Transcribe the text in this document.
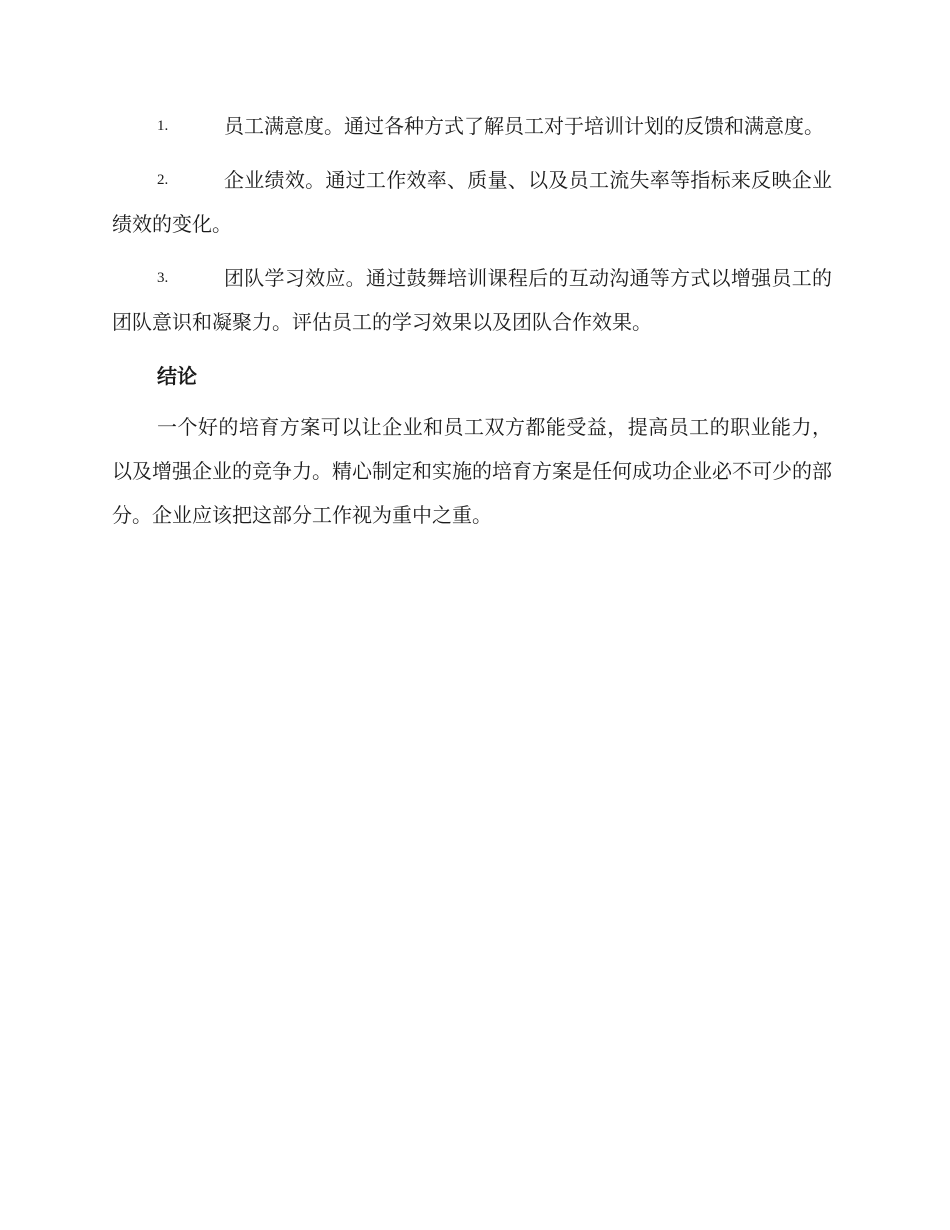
1.	员工满意度。通过各种方式了解员工对于培训计划的反馈和满意度。
2.	企业绩效。通过工作效率、质量、以及员工流失率等指标来反映企业绩效的变化。
3.	团队学习效应。通过鼓舞培训课程后的互动沟通等方式以增强员工的团队意识和凝聚力。评估员工的学习效果以及团队合作效果。
结论

一个好的培育方案可以让企业和员工双方都能受益，提高员工的职业能力，以及增强企业的竞争力。精心制定和实施的培育方案是任何成功企业必不可少的部分。企业应该把这部分工作视为重中之重。
